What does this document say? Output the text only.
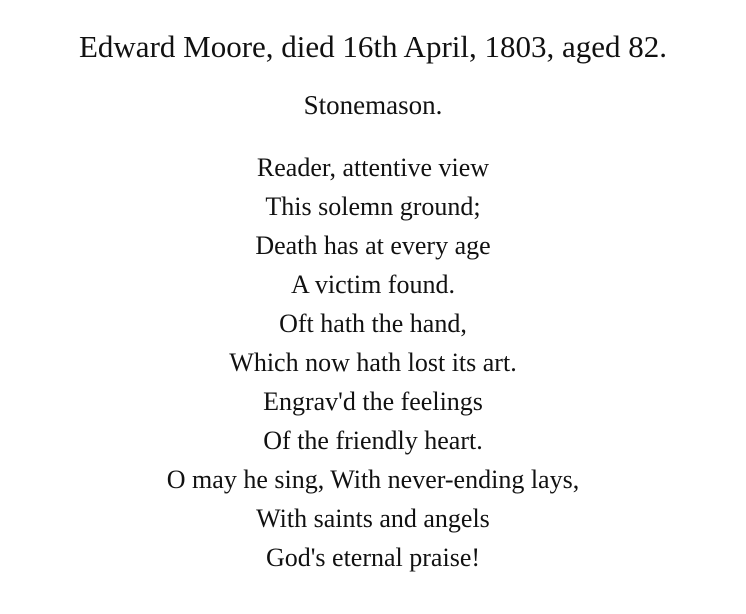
Edward Moore, died 16th April, 1803, aged 82.
Stonemason.
Reader, attentive view
This solemn ground;
Death has at every age
A victim found.
Oft hath the hand,
Which now hath lost its art.
Engrav'd the feelings
Of the friendly heart.
O may he sing, With never-ending lays,
With saints and angels
God's eternal praise!
